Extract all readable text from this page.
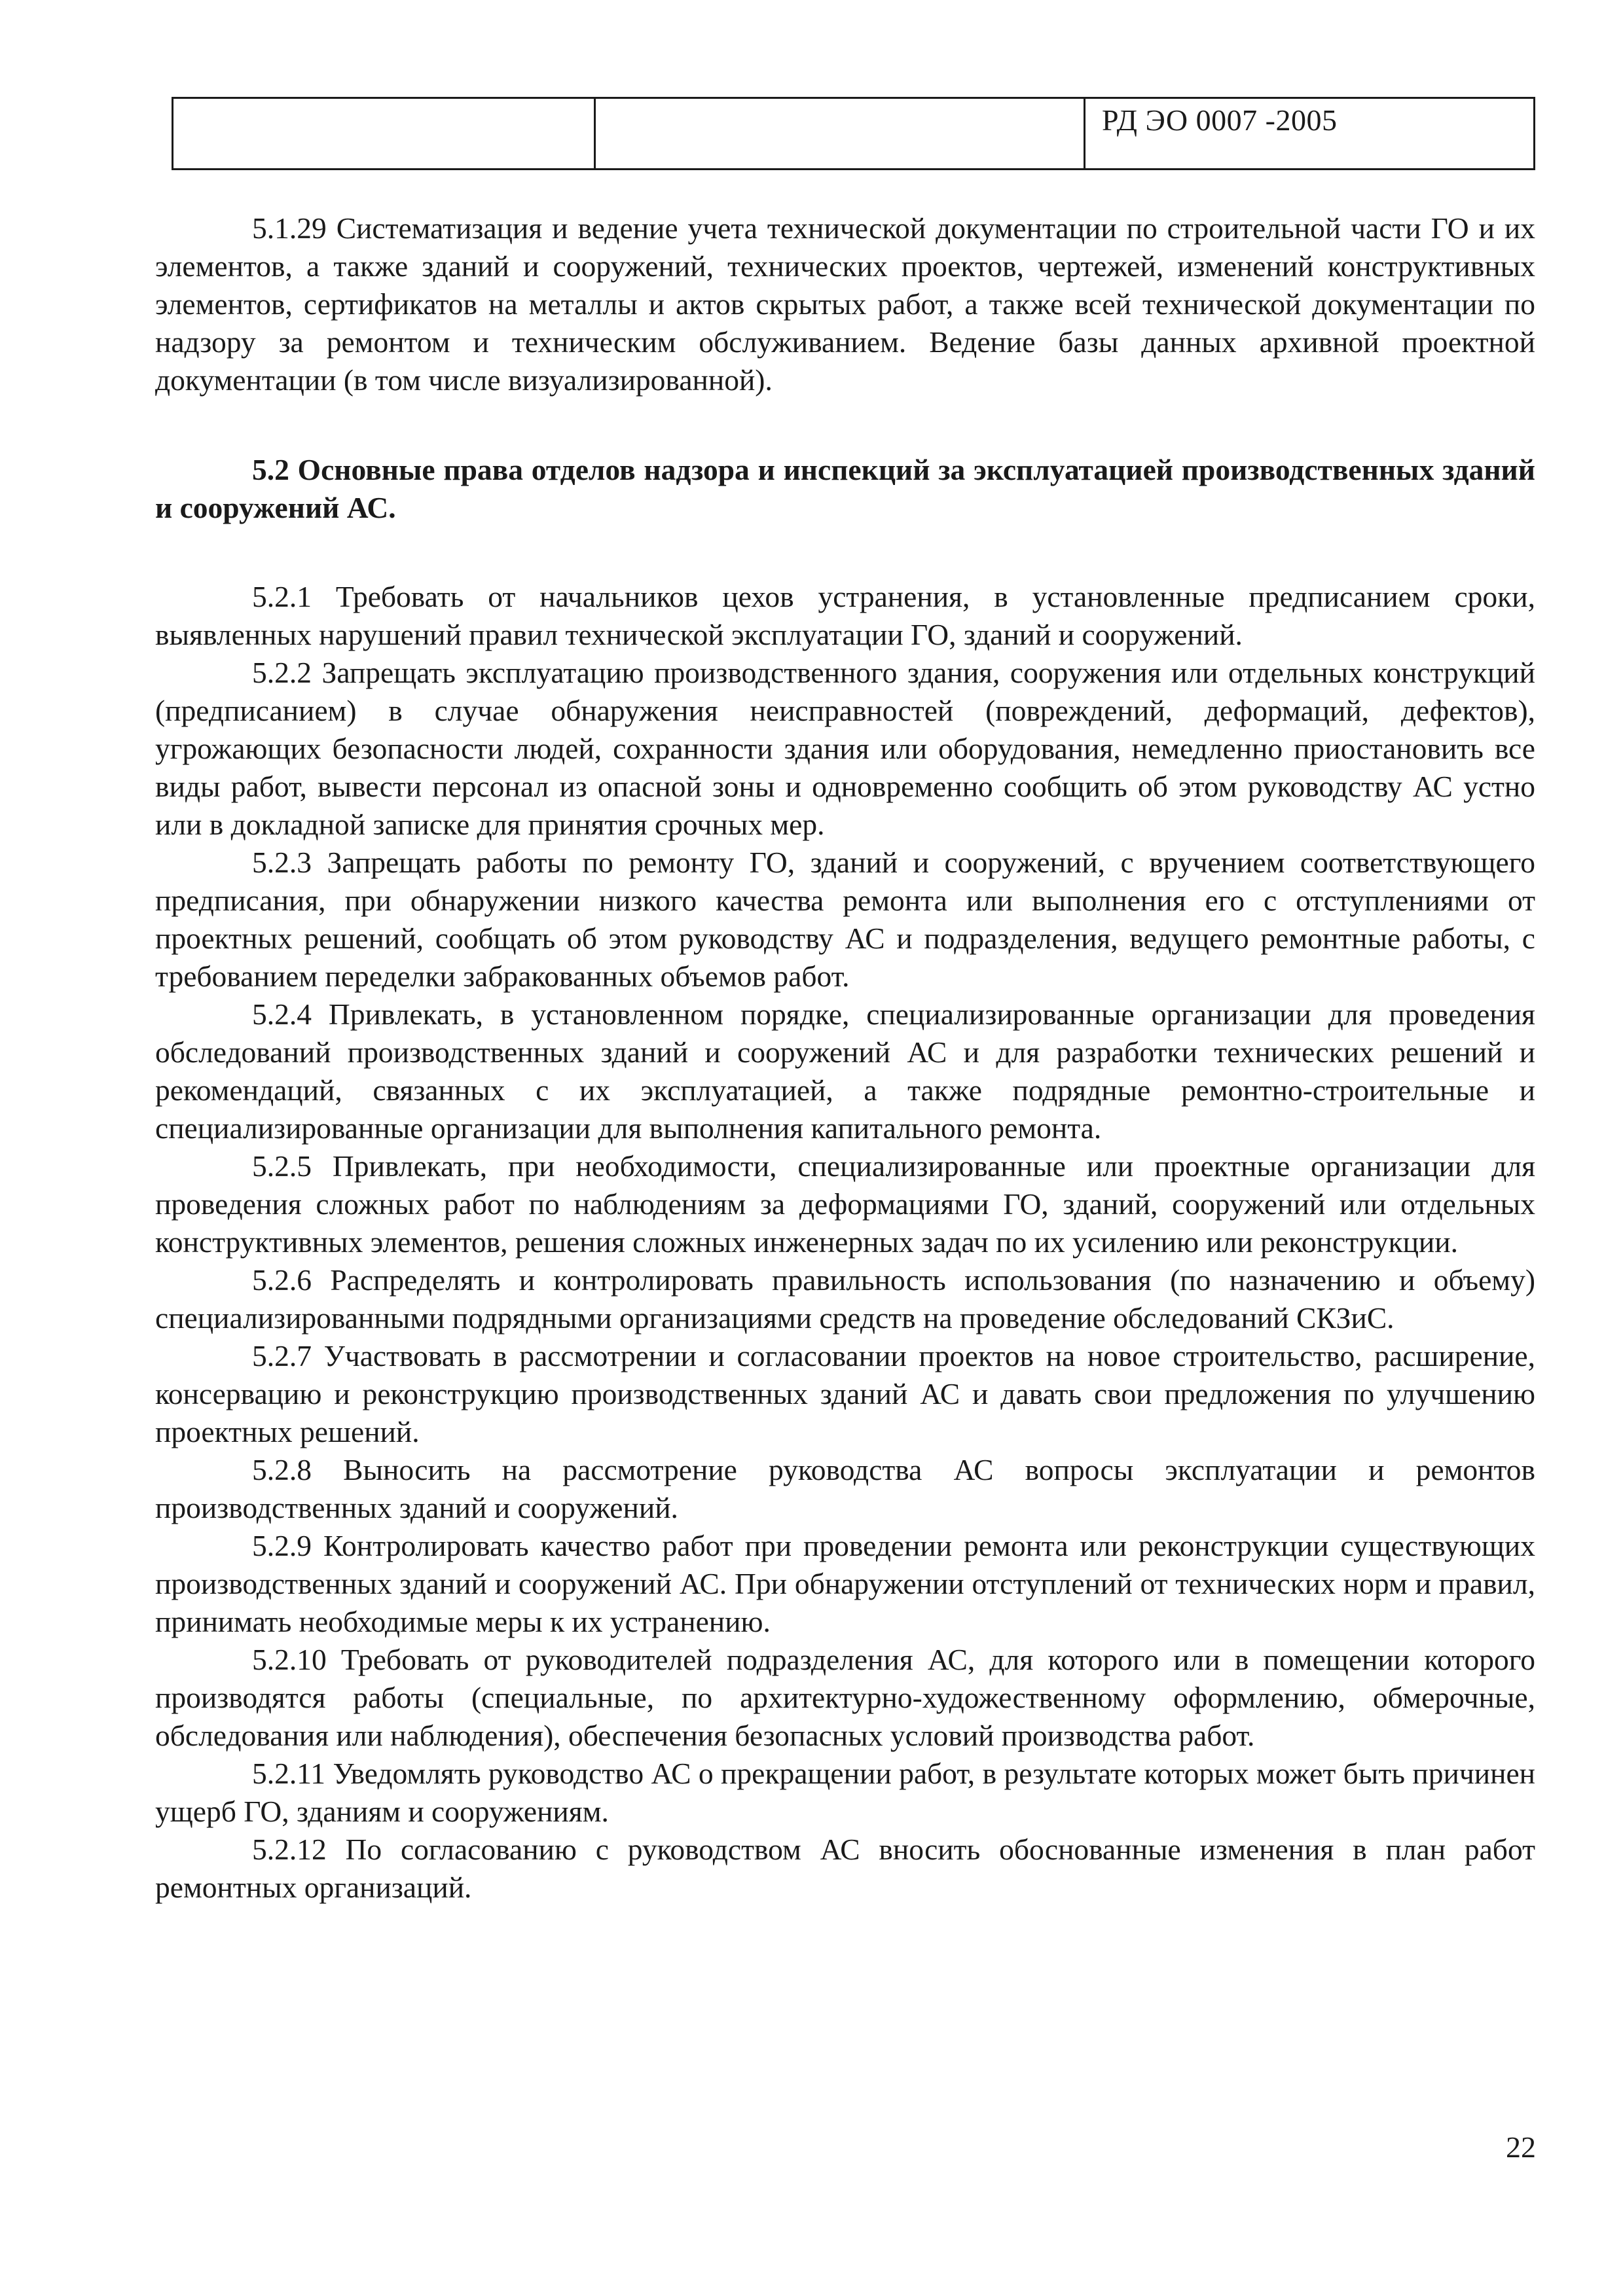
РД ЭО 0007 -2005

5.1.29 Систематизация и ведение учета технической документации по строительной части ГО и их элементов, а также зданий и сооружений, технических проектов, чертежей, изменений конструктивных элементов, сертификатов на металлы и актов скрытых работ, а также всей технической документации по надзору за ремонтом и техническим обслуживанием. Ведение базы данных архивной проектной документации (в том числе визуализированной).

5.2 Основные права отделов надзора и инспекций за эксплуатацией производственных зданий и сооружений АС.

5.2.1 Требовать от начальников цехов устранения, в установленные предписанием сроки, выявленных нарушений правил технической эксплуатации ГО, зданий и сооружений.

5.2.2 Запрещать эксплуатацию производственного здания, сооружения или отдельных конструкций (предписанием) в случае обнаружения неисправностей (повреждений, деформаций, дефектов), угрожающих безопасности людей, сохранности здания или оборудования, немедленно приостановить все виды работ, вывести персонал из опасной зоны и одновременно сообщить об этом руководству АС устно или в докладной записке для принятия срочных мер.

5.2.3 Запрещать работы по ремонту ГО, зданий и сооружений, с вручением соответствующего предписания, при обнаружении низкого качества ремонта или выполнения его с отступлениями от проектных решений, сообщать об этом руководству АС и подразделения, ведущего ремонтные работы, с требованием переделки забракованных объемов работ.

5.2.4 Привлекать, в установленном порядке, специализированные организации для проведения обследований производственных зданий и сооружений АС и для разработки технических решений и рекомендаций, связанных с их эксплуатацией, а также подрядные ремонтно-строительные и специализированные организации для выполнения капитального ремонта.

5.2.5 Привлекать, при необходимости, специализированные или проектные организации для проведения сложных работ по наблюдениям за деформациями ГО, зданий, сооружений или отдельных конструктивных элементов, решения сложных инженерных задач по их усилению или реконструкции.

5.2.6 Распределять и контролировать правильность использования (по назначению и объему) специализированными подрядными организациями средств на проведение обследований СКЗиС.

5.2.7 Участвовать в рассмотрении и согласовании проектов на новое строительство, расширение, консервацию и реконструкцию производственных зданий АС и давать свои предложения по улучшению проектных решений.

5.2.8 Выносить на рассмотрение руководства АС вопросы эксплуатации и ремонтов производственных зданий и сооружений.

5.2.9 Контролировать качество работ при проведении ремонта или реконструкции существующих производственных зданий и сооружений АС. При обнаружении отступлений от технических норм и правил, принимать необходимые меры к их устранению.

5.2.10 Требовать от руководителей подразделения АС, для которого или в помещении которого производятся работы (специальные, по архитектурно-художественному оформлению, обмерочные, обследования или наблюдения), обеспечения безопасных условий производства работ.

5.2.11 Уведомлять руководство АС о прекращении работ, в результате которых может быть причинен ущерб ГО, зданиям и сооружениям.

5.2.12 По согласованию с руководством АС вносить обоснованные изменения в план работ ремонтных организаций.

22
